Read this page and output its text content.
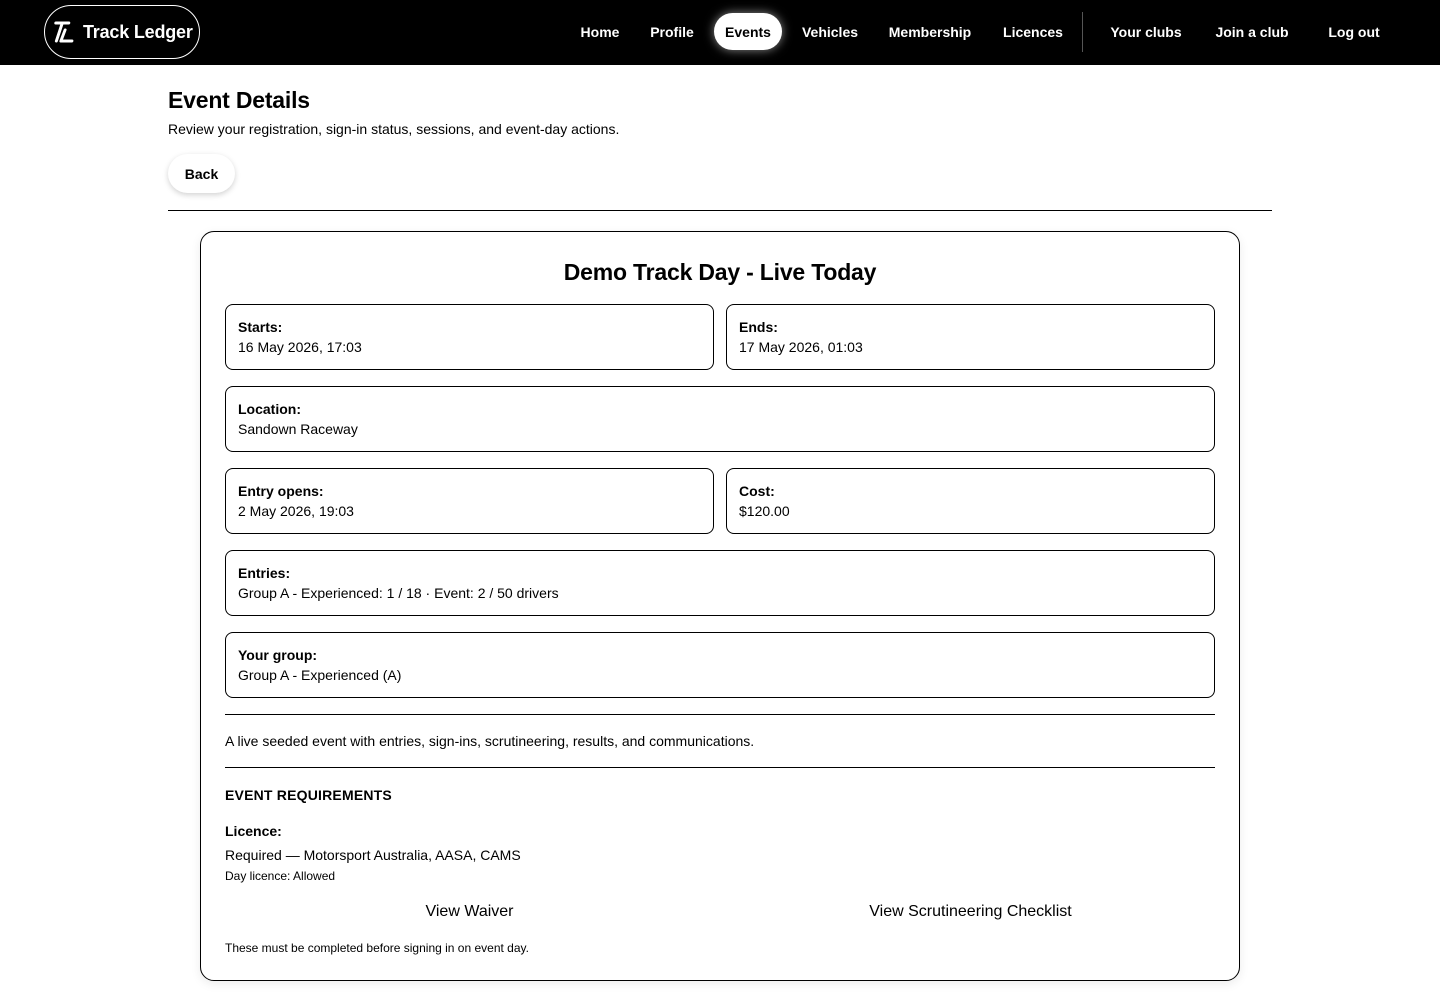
Track Ledger	Home	Profile	Events	Vehicles	Membership	Licences	Your clubs	Join a club	Log out
Event Details

Review your registration, sign-in status, sessions, and event-day actions.

Back
Demo Track Day - Live Today
Starts:
16 May 2026, 17:03
Ends:
17 May 2026, 01:03
Location:
Sandown Raceway
Entry opens:
2 May 2026, 19:03
Cost:
$120.00
Entries:
Group A - Experienced: 1 / 18 · Event: 2 / 50 drivers
Your group:
Group A - Experienced (A)

A live seeded event with entries, sign-ins, scrutineering, results, and communications.

EVENT REQUIREMENTS
Licence:
Required — Motorsport Australia, AASA, CAMS
Day licence: Allowed
View Waiver	View Scrutineering Checklist

These must be completed before signing in on event day.
